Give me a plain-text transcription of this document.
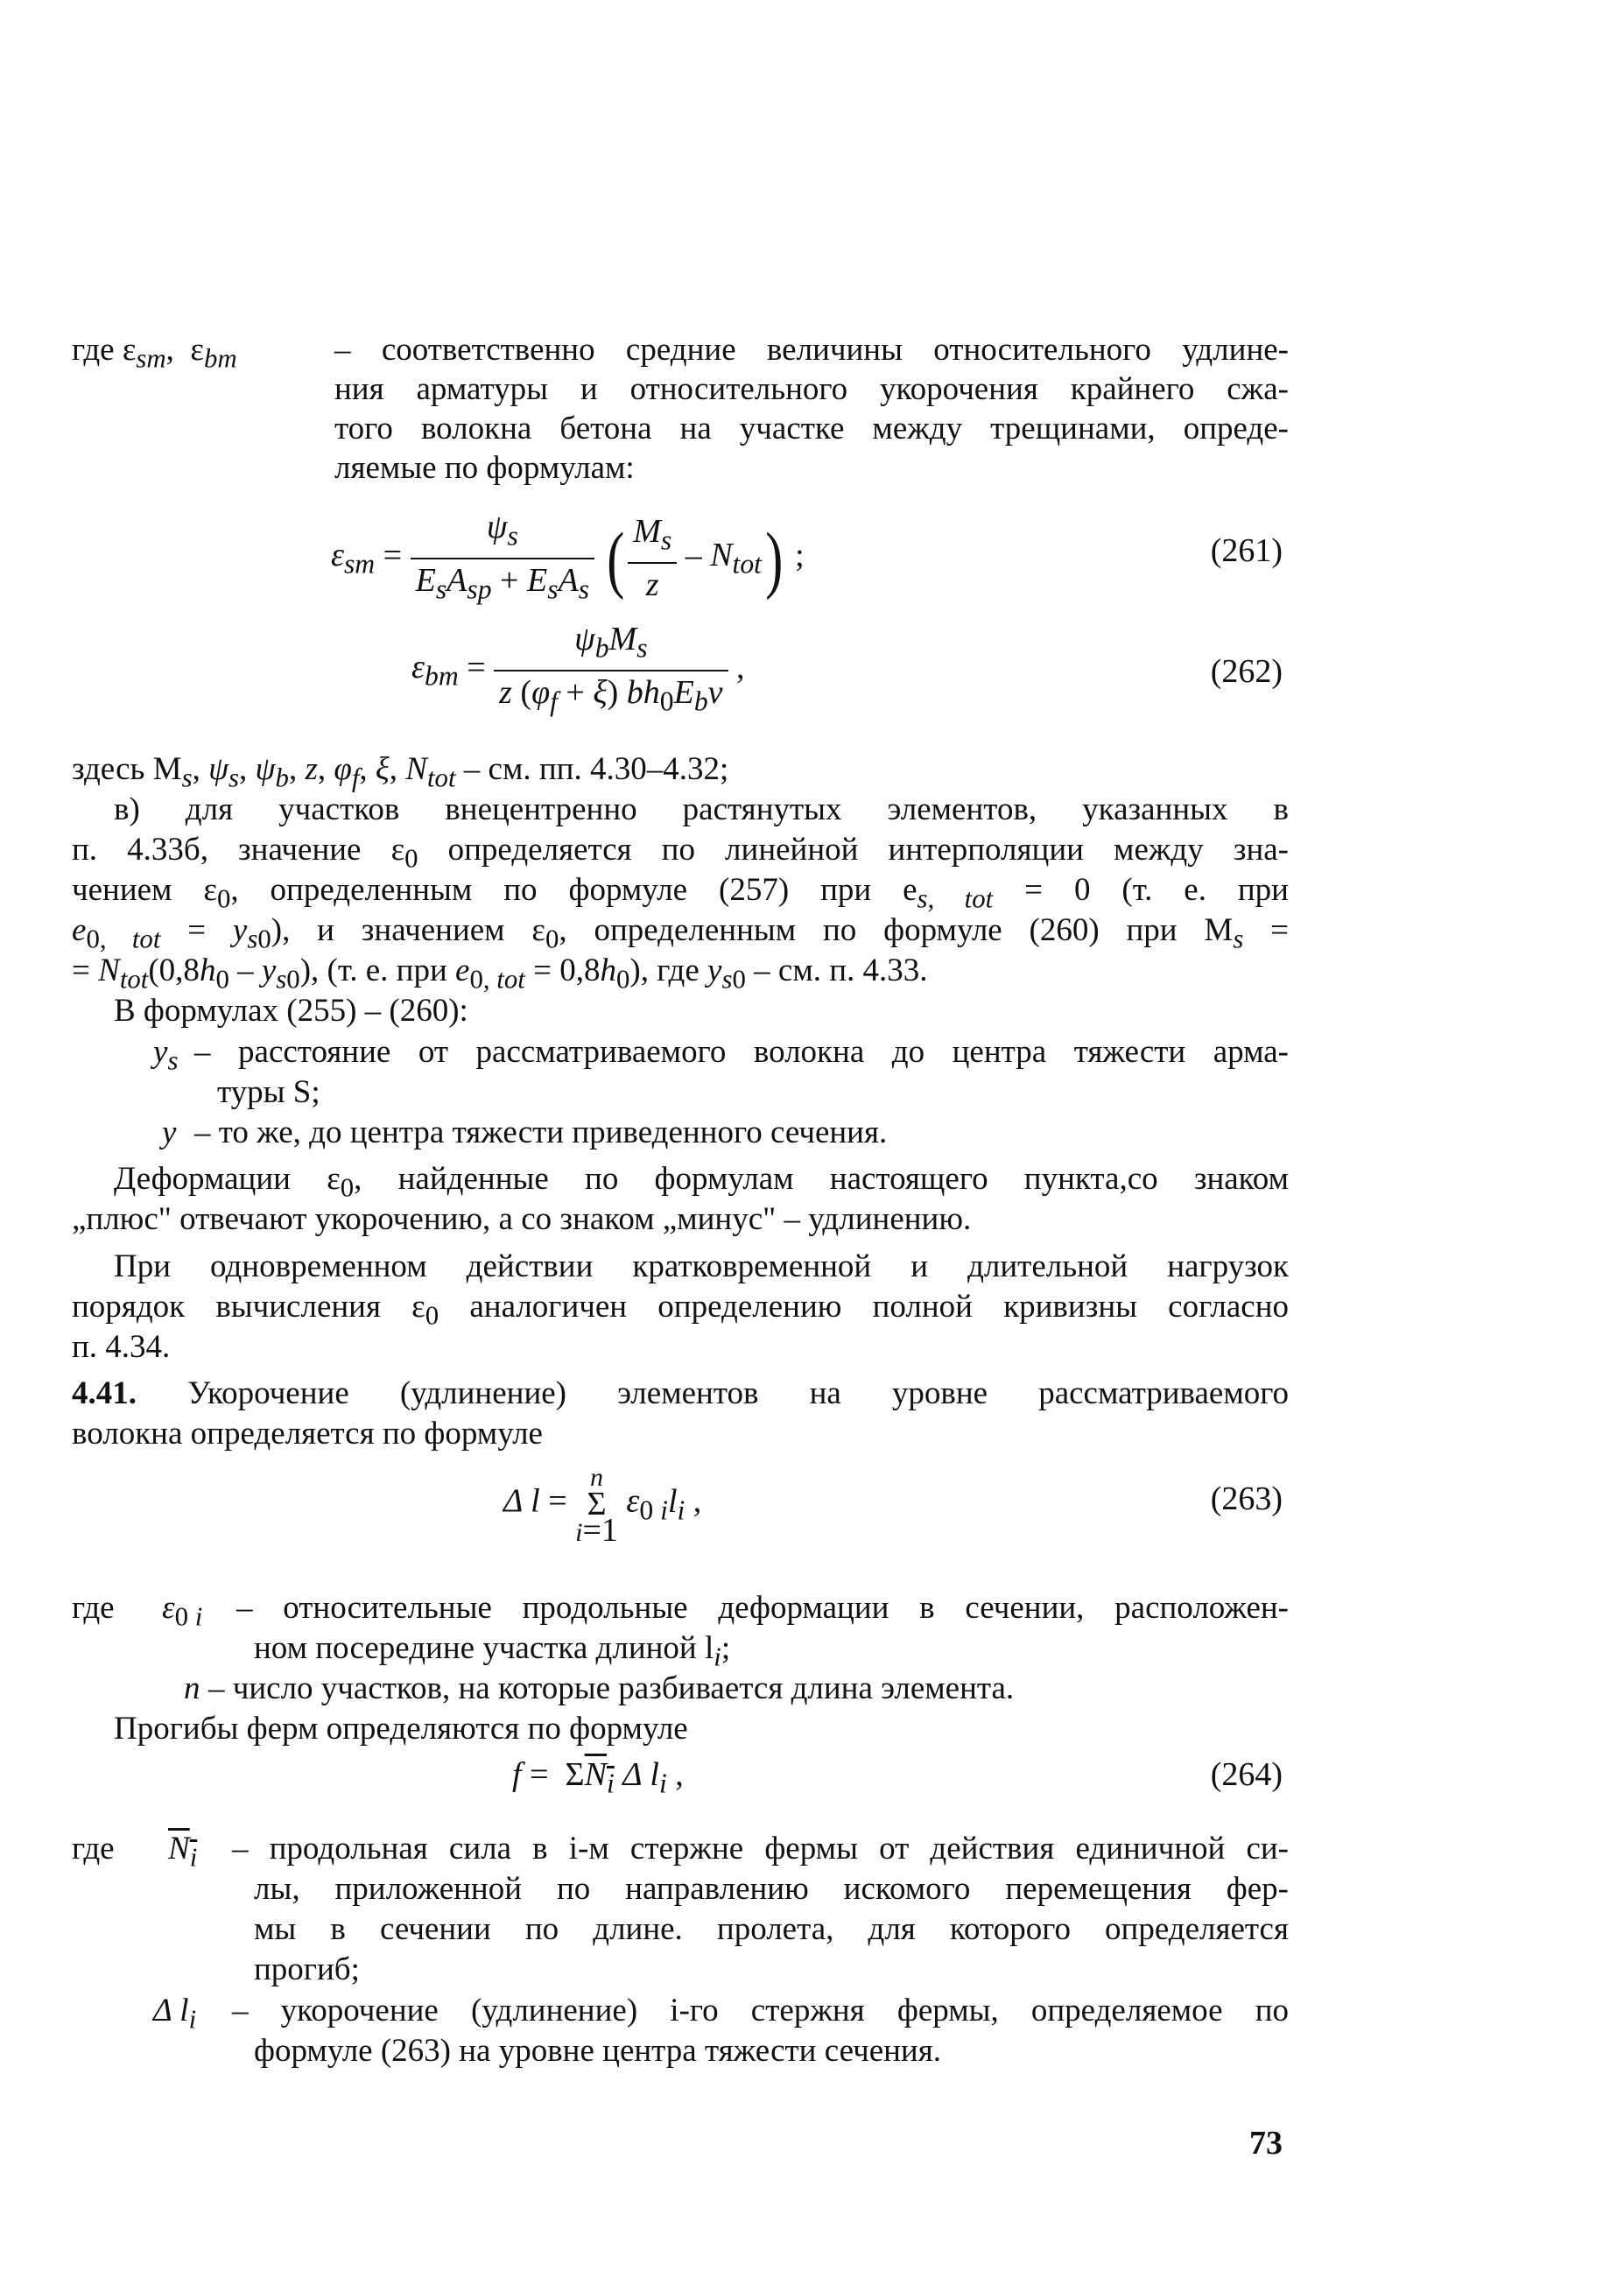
где $\varepsilon_{sm}$,  $\varepsilon_{bm}$	– соответственно средние величины относительного удлине-
ния арматуры и относительного укорочения крайнего сжа-
того волокна бетона на участке между трещинами, опреде-
ляемые по формулам:
$\varepsilon_{sm} = \frac{\psi_s}{E_sA_{sp} + E_sA_s}$ ( $\frac{M_s}{z} - N_{tot}$) ;	(261)
$\varepsilon_{bm} = \frac{\psi_bM_s}{z (\varphi_f + \xi) bh_0E_b\nu}$ ,	(262)
здесь $M_s$, $\psi_s$, $\psi_b$, z, $\varphi_f$, ξ, $N_{tot}$ – см. пп. 4.30–4.32;
в) для участков внецентренно растянутых элементов, указанных в
п. 4.33б, значение $\varepsilon_0$ определяется по линейной интерполяции между зна-
чением $\varepsilon_0$, определенным по формуле (257) при $e_{s, tot} = 0$ (т. е. при
$e_{0, tot} = y_{s0}$), и значением $\varepsilon_0$, определенным по формуле (260) при $M_s$ =
= $N_{tot}(0,8h_0 - y_{s0})$, (т. е. при $e_{0, tot} = 0,8h_0$), где $y_{s0}$ – см. п. 4.33.
В формулах (255) – (260):
$y_s$ – расстояние от рассматриваемого волокна до центра тяжести арма-
туры S;
y – то же, до центра тяжести приведенного сечения.
Деформации $\varepsilon_0$, найденные по формулам настоящего пункта,со знаком
„плюс" отвечают укорочению, а со знаком „минус" – удлинению.
При одновременном действии кратковременной и длительной нагрузок
порядок вычисления $\varepsilon_0$ аналогичен определению полной кривизны согласно
п. 4.34.
4.41. Укорочение (удлинение) элементов на уровне рассматриваемого
волокна определяется по формуле
Δ l = n
Σ
i=1 $\varepsilon_{0 i}l_i$ ,	(263)
где $\varepsilon_{0 i}$ – относительные продольные деформации в сечении, расположен-
ном посередине участка длиной $l_i$;
n – число участков, на которые разбивается длина элемента.
Прогибы ферм определяются по формуле
$f = \Sigma N_i$ Δ $l_i$ ,	(264)
где $N_i$ – продольная сила в i-м стержне фермы от действия единичной си-
лы, приложенной по направлению искомого перемещения фер-
мы в сечении по длине. пролета, для которого определяется
прогиб;
Δ $l_i$ – укорочение (удлинение) i-го стержня фермы, определяемое по
формуле (263) на уровне центра тяжести сечения.
73
